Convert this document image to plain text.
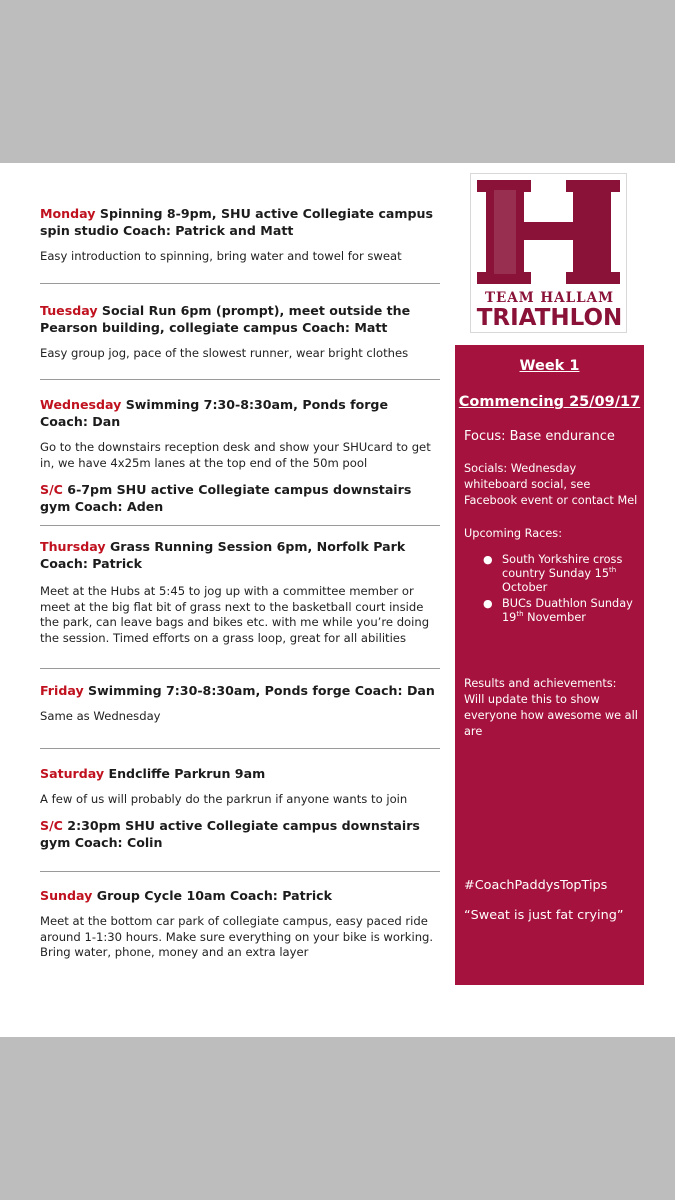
Monday Spinning 8-9pm, SHU active Collegiate campus spin studio Coach: Patrick and Matt

Easy introduction to spinning, bring water and towel for sweat

Tuesday Social Run 6pm (prompt), meet outside the Pearson building, collegiate campus Coach: Matt

Easy group jog, pace of the slowest runner, wear bright clothes

Wednesday Swimming 7:30-8:30am, Ponds forge Coach: Dan

Go to the downstairs reception desk and show your SHUcard to get in, we have 4x25m lanes at the top end of the 50m pool

S/C 6-7pm SHU active Collegiate campus downstairs gym Coach: Aden

Thursday Grass Running Session 6pm, Norfolk Park Coach: Patrick

Meet at the Hubs at 5:45 to jog up with a committee member or meet at the big flat bit of grass next to the basketball court inside the park, can leave bags and bikes etc. with me while you’re doing the session. Timed efforts on a grass loop, great for all abilities

Friday Swimming 7:30-8:30am, Ponds forge Coach: Dan

Same as Wednesday

Saturday Endcliffe Parkrun 9am

A few of us will probably do the parkrun if anyone wants to join

S/C 2:30pm SHU active Collegiate campus downstairs gym Coach: Colin

Sunday Group Cycle 10am Coach: Patrick

Meet at the bottom car park of collegiate campus, easy paced ride around 1-1:30 hours. Make sure everything on your bike is working. Bring water, phone, money and an extra layer

TEAM HALLAM
TRIATHLON
Week 1
Commencing 25/09/17
Focus: Base endurance
Socials: Wednesday whiteboard social, see Facebook event or contact Mel
Upcoming Races:
● South Yorkshire cross country Sunday 15th October
● BUCs Duathlon Sunday 19th November
Results and achievements: Will update this to show everyone how awesome we all are
#CoachPaddysTopTips
“Sweat is just fat crying”
